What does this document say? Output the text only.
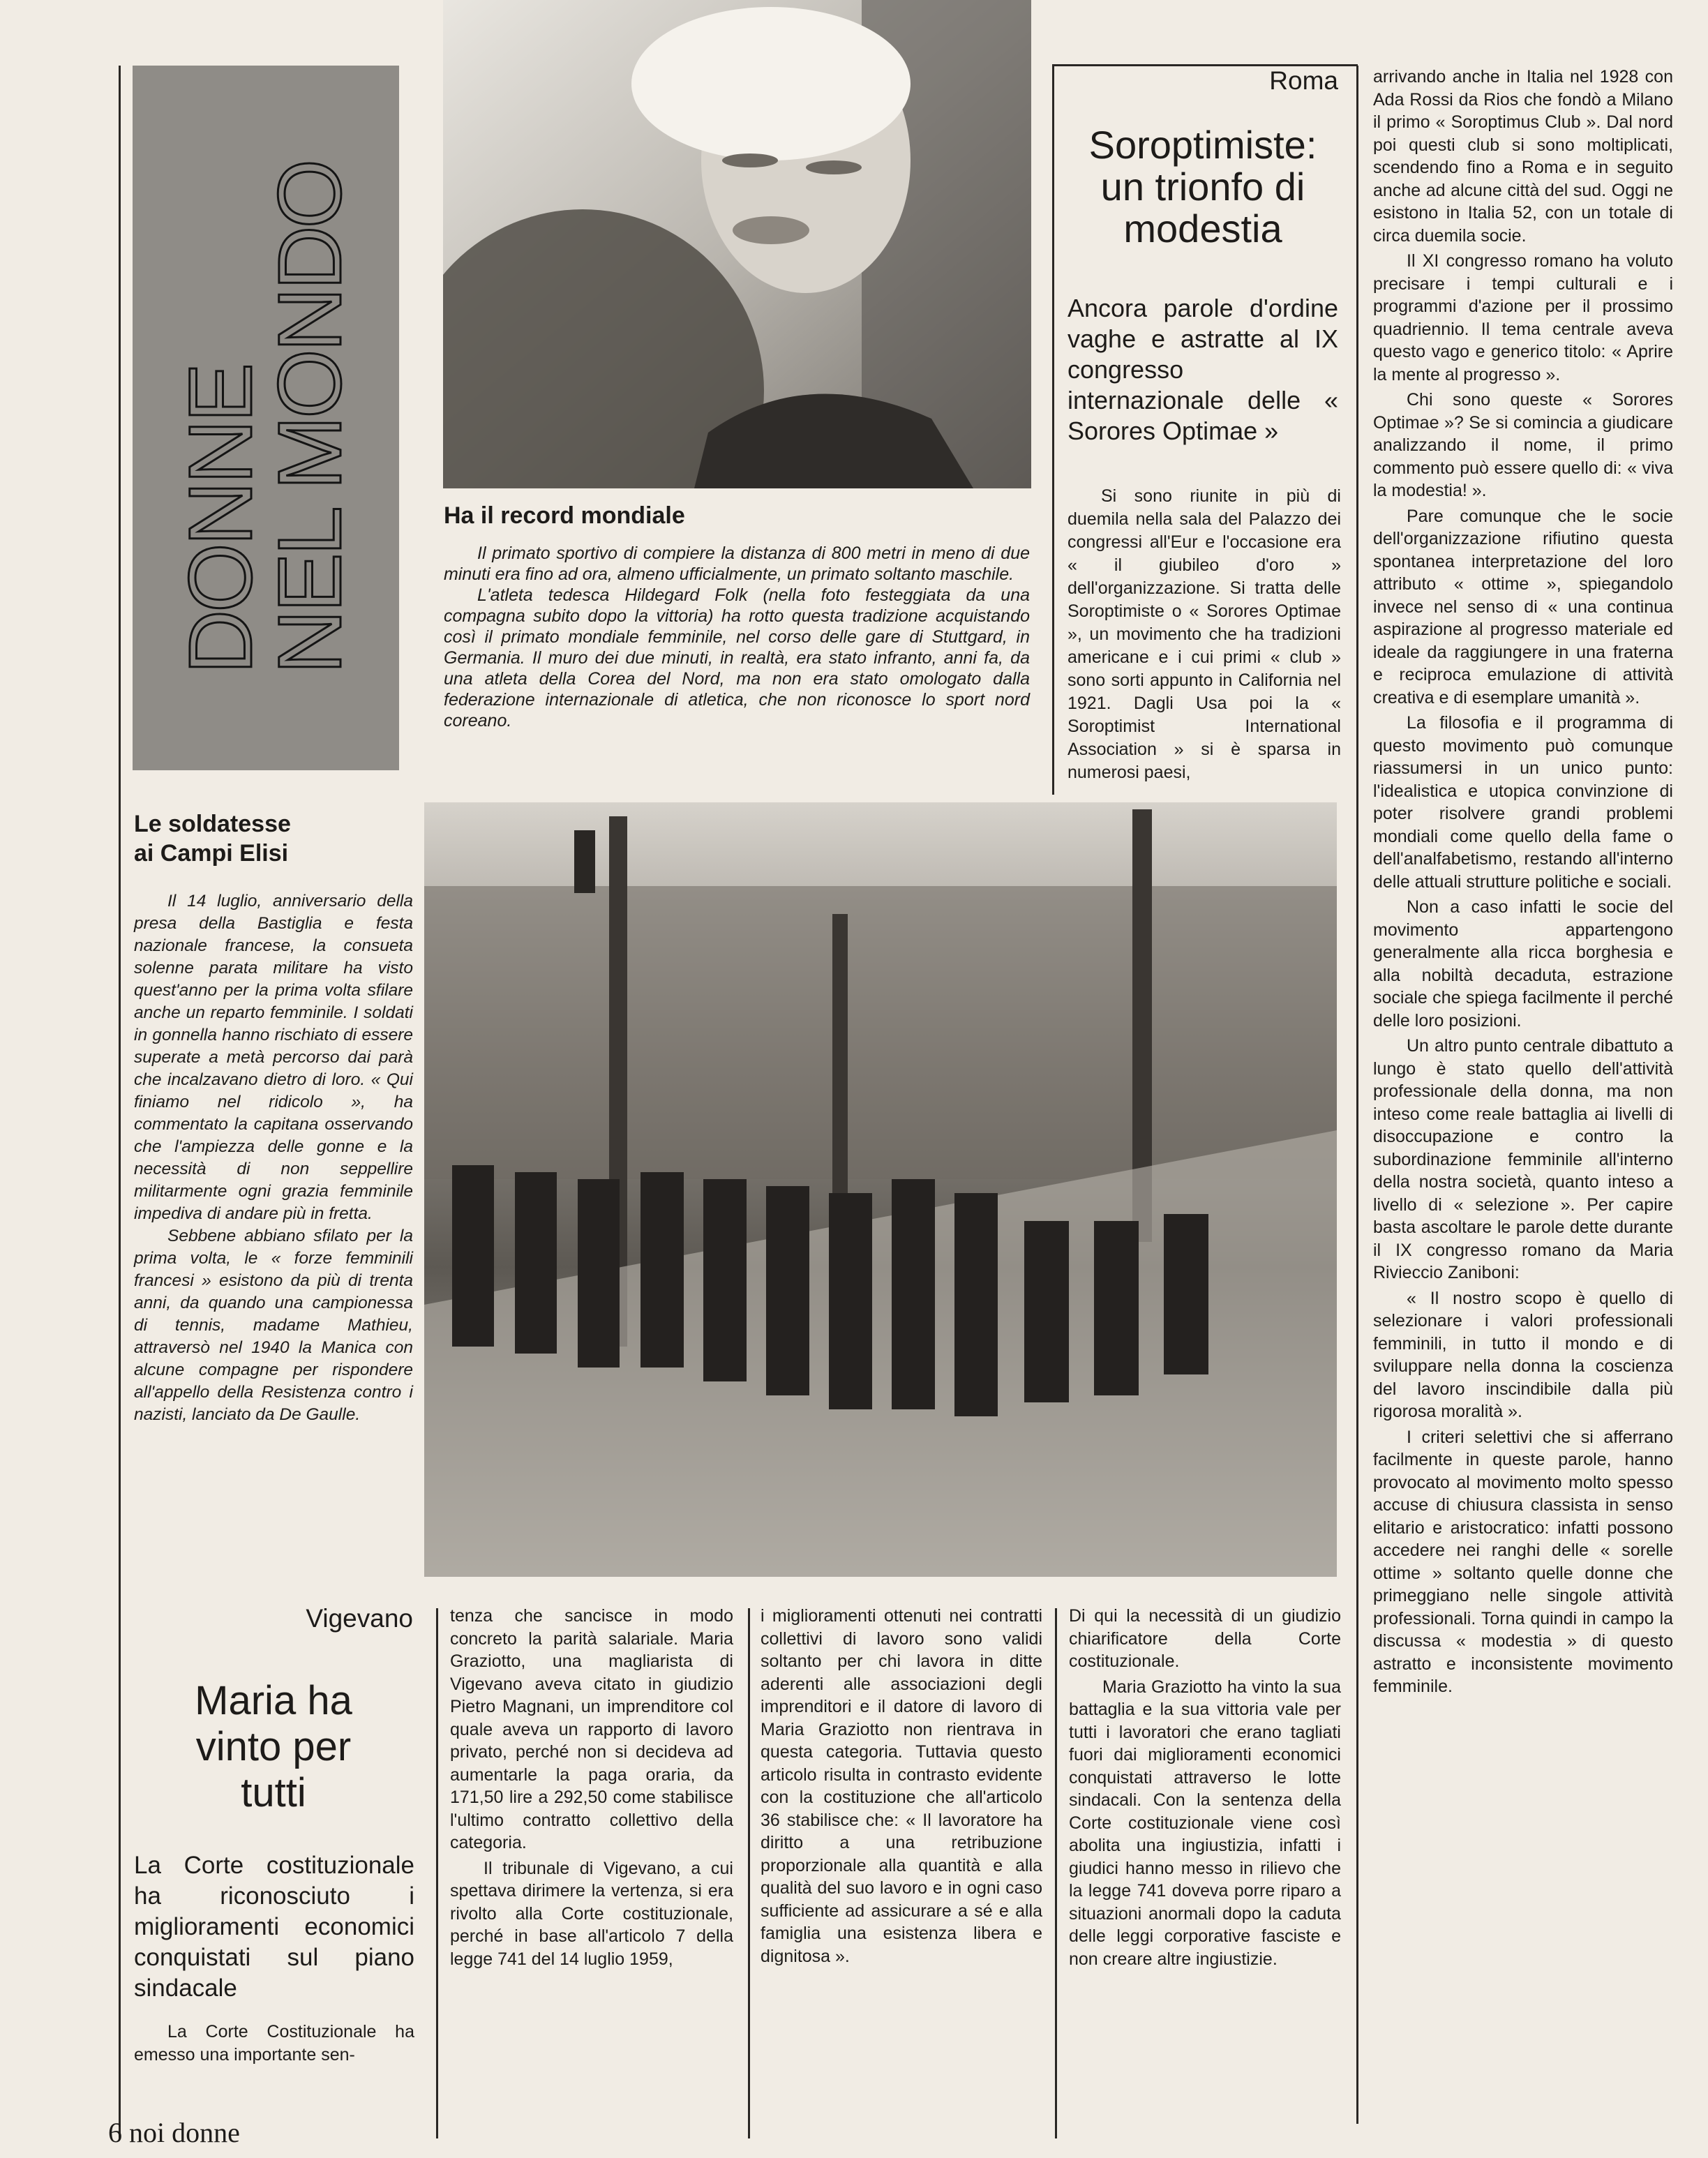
DONNE
NEL MONDO	Ha il record mondiale

Il primato sportivo di compiere la distanza di 800 metri in meno di due minuti era fino ad ora, almeno ufficialmente, un primato soltanto maschile.

L'atleta tedesca Hildegard Folk (nella foto festeggiata da una compagna subito dopo la vittoria) ha rotto questa tradizione acquistando così il primato mondiale femminile, nel corso delle gare di Stuttgard, in Germania. Il muro dei due minuti, in realtà, era stato infranto, anni fa, da una atleta della Corea del Nord, ma non era stato omologato dalla federazione internazionale di atletica, che non riconosce lo sport nord coreano.

Roma
Soroptimiste: un trionfo di modestia
Ancora parole d'ordine vaghe e astratte al IX congresso internazionale delle « Sorores Optimae »

Si sono riunite in più di duemila nella sala del Palazzo dei congressi all'Eur e l'occasione era « il giubileo d'oro » dell'organizzazione. Si tratta delle Soroptimiste o « Sorores Optimae », un movimento che ha tradizioni americane e i cui primi « club » sono sorti appunto in California nel 1921. Dagli Usa poi la « Soroptimist International Association » si è sparsa in numerosi paesi,

arrivando anche in Italia nel 1928 con Ada Rossi da Rios che fondò a Milano il primo « Soroptimus Club ». Dal nord poi questi club si sono moltiplicati, scendendo fino a Roma e in seguito anche ad alcune città del sud. Oggi ne esistono in Italia 52, con un totale di circa duemila socie.

Il XI congresso romano ha voluto precisare i tempi culturali e i programmi d'azione per il prossimo quadriennio. Il tema centrale aveva questo vago e generico titolo: « Aprire la mente al progresso ».

Chi sono queste « Sorores Optimae »? Se si comincia a giudicare analizzando il nome, il primo commento può essere quello di: « viva la modestia! ».

Pare comunque che le socie dell'organizzazione rifiutino questa spontanea interpretazione del loro attributo « ottime », spiegandolo invece nel senso di « una continua aspirazione al progresso materiale ed ideale da raggiungere in una fraterna e reciproca emulazione di attività creativa e di esemplare umanità ».

La filosofia e il programma di questo movimento può comunque riassumersi in un unico punto: l'idealistica e utopica convinzione di poter risolvere grandi problemi mondiali come quello della fame o dell'analfabetismo, restando all'interno delle attuali strutture politiche e sociali.

Non a caso infatti le socie del movimento appartengono generalmente alla ricca borghesia e alla nobiltà decaduta, estrazione sociale che spiega facilmente il perché delle loro posizioni.

Un altro punto centrale dibattuto a lungo è stato quello dell'attività professionale della donna, ma non inteso come reale battaglia ai livelli di disoccupazione e contro la subordinazione femminile all'interno della nostra società, quanto inteso a livello di « selezione ». Per capire basta ascoltare le parole dette durante il IX congresso romano da Maria Rivieccio Zaniboni:

« Il nostro scopo è quello di selezionare i valori professionali femminili, in tutto il mondo e di sviluppare nella donna la coscienza del lavoro inscindibile dalla più rigorosa moralità ».

I criteri selettivi che si afferrano facilmente in queste parole, hanno provocato al movimento molto spesso accuse di chiusura classista in senso elitario e aristocratico: infatti possono accedere nei ranghi delle « sorelle ottime » soltanto quelle donne che primeggiano nelle singole attività professionali. Torna quindi in campo la discussa « modestia » di questo astratto e inconsistente movimento femminile.

Le soldatesse
ai Campi Elisi

Il 14 luglio, anniversario della presa della Bastiglia e festa nazionale francese, la consueta solenne parata militare ha visto quest'anno per la prima volta sfilare anche un reparto femminile. I soldati in gonnella hanno rischiato di essere superate a metà percorso dai parà che incalzavano dietro di loro. « Qui finiamo nel ridicolo », ha commentato la capitana osservando che l'ampiezza delle gonne e la necessità di non seppellire militarmente ogni grazia femminile impediva di andare più in fretta.

Sebbene abbiano sfilato per la prima volta, le « forze femminili francesi » esistono da più di trenta anni, da quando una campionessa di tennis, madame Mathieu, attraversò nel 1940 la Manica con alcune compagne per rispondere all'appello della Resistenza contro i nazisti, lanciato da De Gaulle.

Vigevano
Maria ha vinto per tutti
La Corte costituzionale ha riconosciuto i miglioramenti economici conquistati sul piano sindacale

La Corte Costituzionale ha emesso una importante sen-

tenza che sancisce in modo concreto la parità salariale. Maria Graziotto, una magliarista di Vigevano aveva citato in giudizio Pietro Magnani, un imprenditore col quale aveva un rapporto di lavoro privato, perché non si decideva ad aumentarle la paga oraria, da 171,50 lire a 292,50 come stabilisce l'ultimo contratto collettivo della categoria.

Il tribunale di Vigevano, a cui spettava dirimere la vertenza, si era rivolto alla Corte costituzionale, perché in base all'articolo 7 della legge 741 del 14 luglio 1959,

i miglioramenti ottenuti nei contratti collettivi di lavoro sono validi soltanto per chi lavora in ditte aderenti alle associazioni degli imprenditori e il datore di lavoro di Maria Graziotto non rientrava in questa categoria. Tuttavia questo articolo risulta in contrasto evidente con la costituzione che all'articolo 36 stabilisce che: « Il lavoratore ha diritto a una retribuzione proporzionale alla quantità e alla qualità del suo lavoro e in ogni caso sufficiente ad assicurare a sé e alla famiglia una esistenza libera e dignitosa ».

Di qui la necessità di un giudizio chiarificatore della Corte costituzionale.

Maria Graziotto ha vinto la sua battaglia e la sua vittoria vale per tutti i lavoratori che erano tagliati fuori dai miglioramenti economici conquistati attraverso le lotte sindacali. Con la sentenza della Corte costituzionale viene così abolita una ingiustizia, infatti i giudici hanno messo in rilievo che la legge 741 doveva porre riparo a situazioni anormali dopo la caduta delle leggi corporative fasciste e non creare altre ingiustizie.

6 noi donne
